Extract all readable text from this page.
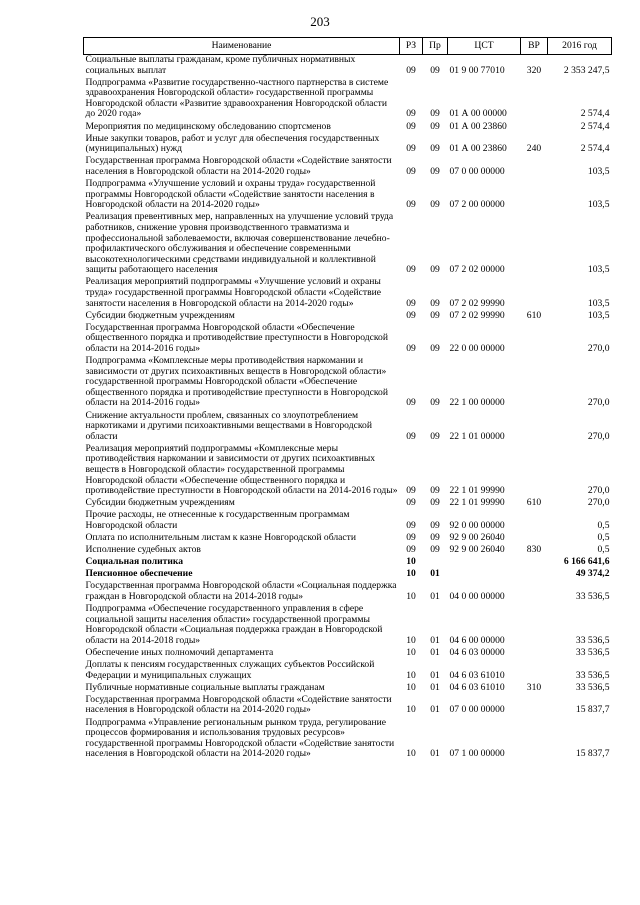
203
Наименование	РЗ	Пр	ЦСТ	ВР	2016 год
Социальные выплаты гражданам, кроме публичных нормативных социальных выплат	09	09	01 9 00 77010	320	2 353 247,5
Подпрограмма «Развитие государственно-частного партнерства в системе здравоохранения Новгородской области» государственной программы Новгородской области «Развитие здравоохранения Новгородской области до 2020 года»	09	09	01 А 00 00000		2 574,4
Мероприятия по медицинскому обследованию спортсменов	09	09	01 А 00 23860		2 574,4
Иные закупки товаров, работ и услуг для обеспечения государственных (муниципальных) нужд	09	09	01 А 00 23860	240	2 574,4
Государственная программа Новгородской области «Содействие занятости населения в Новгородской области на 2014-2020 годы»	09	09	07 0 00 00000		103,5
Подпрограмма «Улучшение условий и охраны труда» государственной программы Новгородской области «Содействие занятости населения в Новгородской области на 2014-2020 годы»	09	09	07 2 00 00000		103,5
Реализация превентивных мер, направленных на улучшение условий труда работников, снижение уровня производственного травматизма и профессиональной заболеваемости, включая совершенствование лечебно-профилактического обслуживания и обеспечение современными высокотехнологическими средствами индивидуальной и коллективной защиты работающего населения	09	09	07 2 02 00000		103,5
Реализация мероприятий подпрограммы «Улучшение условий и охраны труда» государственной программы Новгородской области «Содействие занятости населения в Новгородской области на 2014-2020 годы»	09	09	07 2 02 99990		103,5
Субсидии бюджетным учреждениям	09	09	07 2 02 99990	610	103,5
Государственная программа Новгородской области «Обеспечение общественного порядка и противодействие преступности в Новгородской области на 2014-2016 годы»	09	09	22 0 00 00000		270,0
Подпрограмма «Комплексные меры противодействия наркомании и зависимости от других психоактивных веществ в Новгородской области» государственной программы Новгородской области «Обеспечение общественного порядка и противодействие преступности в Новгородской области на 2014-2016 годы»	09	09	22 1 00 00000		270,0
Снижение актуальности проблем, связанных со злоупотреблением наркотиками и другими психоактивными веществами в Новгородской области	09	09	22 1 01 00000		270,0
Реализация мероприятий подпрограммы «Комплексные меры противодействия наркомании и зависимости от других психоактивных веществ в Новгородской области» государственной программы Новгородской области «Обеспечение общественного порядка и противодействие преступности в Новгородской области на 2014-2016 годы»	09	09	22 1 01 99990		270,0
Субсидии бюджетным учреждениям	09	09	22 1 01 99990	610	270,0
Прочие расходы, не отнесенные к государственным программам Новгородской области	09	09	92 0 00 00000		0,5
Оплата по исполнительным листам к казне Новгородской области	09	09	92 9 00 26040		0,5
Исполнение судебных актов	09	09	92 9 00 26040	830	0,5
Социальная политика	10				6 166 641,6
Пенсионное обеспечение	10	01			49 374,2
Государственная программа Новгородской области «Социальная поддержка граждан в Новгородской области на 2014-2018 годы»	10	01	04 0 00 00000		33 536,5
Подпрограмма «Обеспечение государственного управления в сфере социальной защиты населения области» государственной программы Новгородской области «Социальная поддержка граждан в Новгородской области на 2014-2018 годы»	10	01	04 6 00 00000		33 536,5
Обеспечение иных полномочий департамента	10	01	04 6 03 00000		33 536,5
Доплаты к пенсиям государственных служащих субъектов Российской Федерации и муниципальных служащих	10	01	04 6 03 61010		33 536,5
Публичные нормативные социальные выплаты гражданам	10	01	04 6 03 61010	310	33 536,5
Государственная программа Новгородской области «Содействие занятости населения в Новгородской области на 2014-2020 годы»	10	01	07 0 00 00000		15 837,7
Подпрограмма «Управление региональным рынком труда, регулирование процессов формирования и использования трудовых ресурсов» государственной программы Новгородской области «Содействие занятости населения в Новгородской области на 2014-2020 годы»	10	01	07 1 00 00000		15 837,7
